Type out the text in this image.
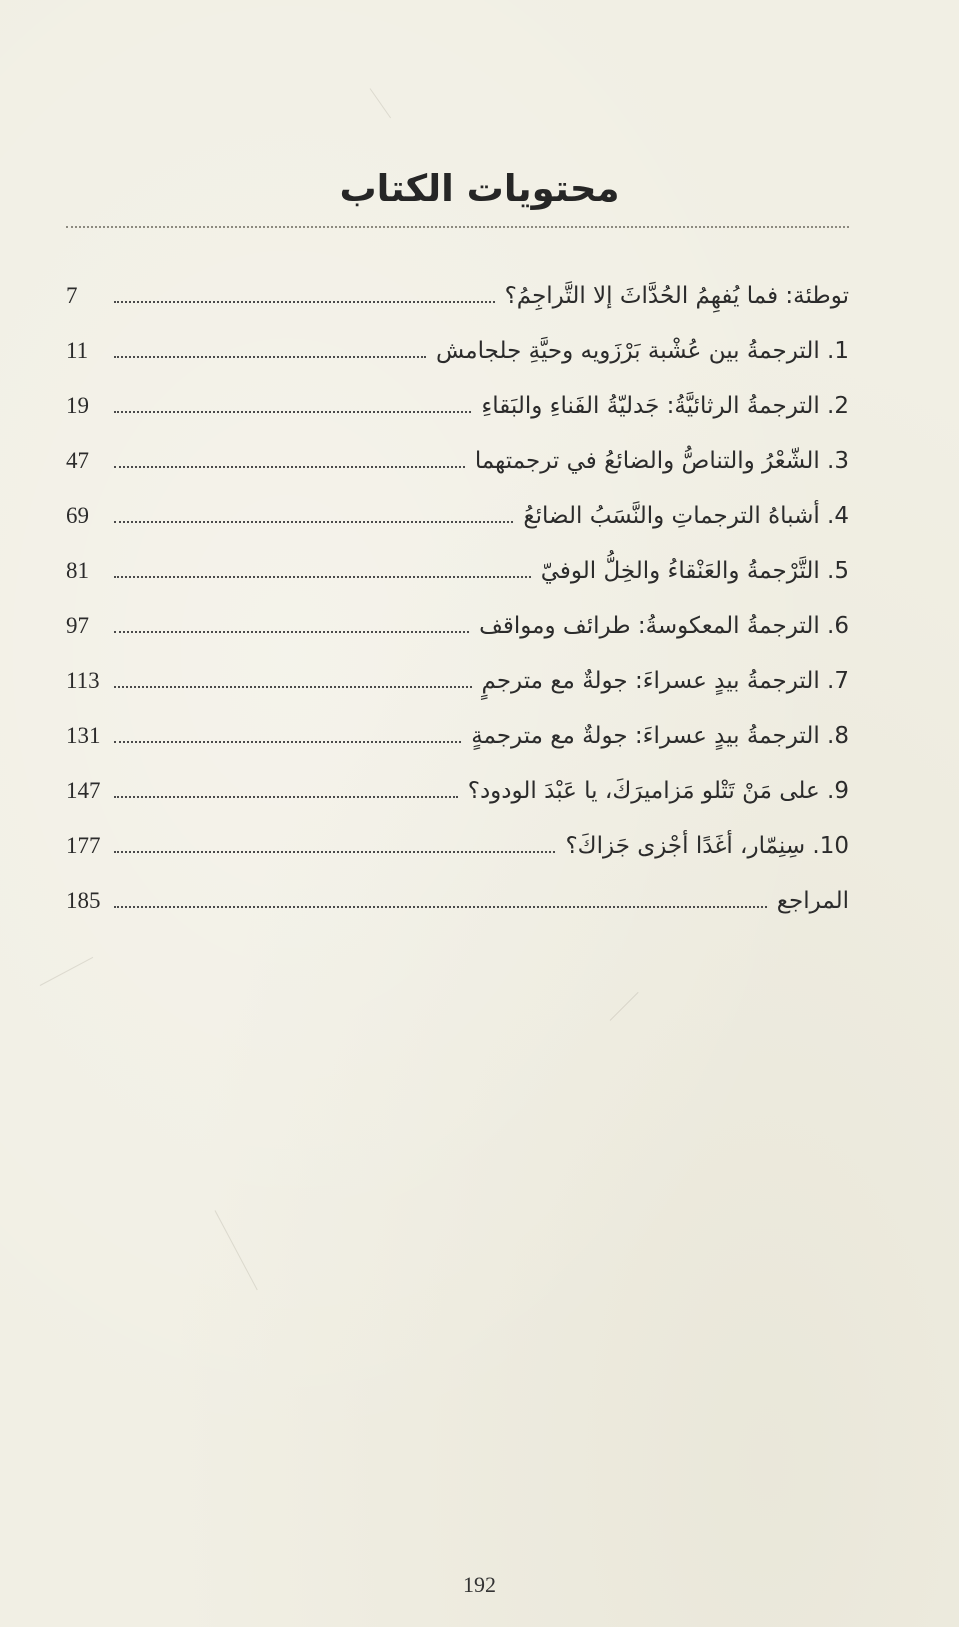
محتويات الكتاب
توطئة: فما يُفهِمُ الحُدَّاثَ إلا التَّراجِمُ؟
7
1. الترجمةُ بين عُشْبة بَرْزَويه وحيَّةِ جلجامش
11
2. الترجمةُ الرثائيَّةُ: جَدليّةُ الفَناءِ والبَقاءِ
19
3. الشّعْرُ والتناصُّ والضائعُ في ترجمتهما
47
4. أشباهُ الترجماتِ والنَّسَبُ الضائعُ
69
5. التَّرْجمةُ والعَنْقاءُ والخِلُّ الوفيّ
81
6. الترجمةُ المعكوسةُ: طرائف ومواقف
97
7. الترجمةُ بيدٍ عسراءَ: جولةٌ مع مترجمٍ
113
8. الترجمةُ بيدٍ عسراءَ: جولةٌ مع مترجمةٍ
131
9. على مَنْ تَتْلو مَزاميرَكَ، يا عَبْدَ الودود؟
147
10. سِنِمّار، أغَدًا أجْزى جَزاكَ؟
177
المراجع
185
192
